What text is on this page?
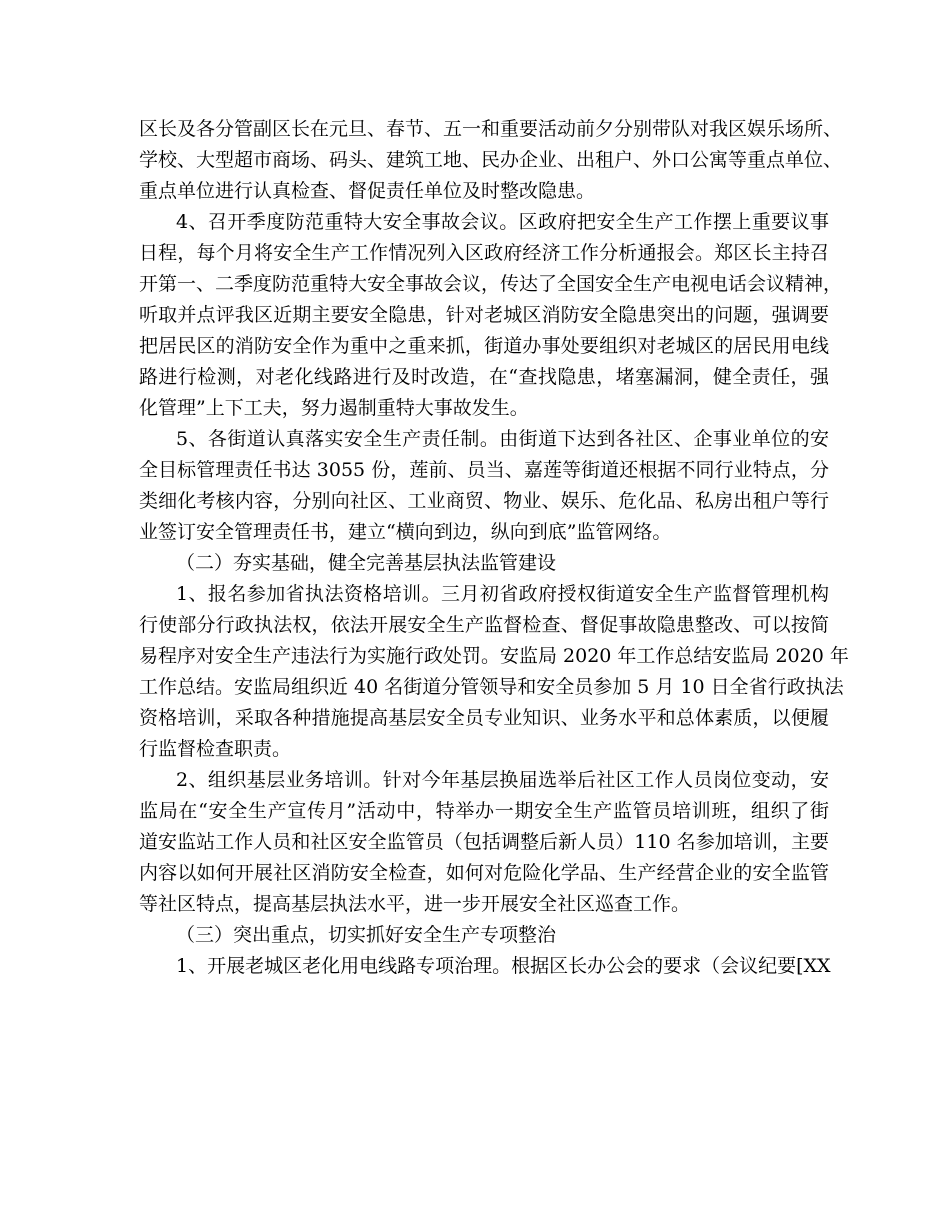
区长及各分管副区长在元旦、春节、五一和重要活动前夕分别带队对我区娱乐场所、
学校、大型超市商场、码头、建筑工地、民办企业、出租户、外口公寓等重点单位、
重点单位进行认真检查、督促责任单位及时整改隐患。
4、召开季度防范重特大安全事故会议。区政府把安全生产工作摆上重要议事
日程，每个月将安全生产工作情况列入区政府经济工作分析通报会。郑区长主持召
开第一、二季度防范重特大安全事故会议，传达了全国安全生产电视电话会议精神，
听取并点评我区近期主要安全隐患，针对老城区消防安全隐患突出的问题，强调要
把居民区的消防安全作为重中之重来抓，街道办事处要组织对老城区的居民用电线
路进行检测，对老化线路进行及时改造，在“查找隐患，堵塞漏洞，健全责任，强
化管理”上下工夫，努力遏制重特大事故发生。
5、各街道认真落实安全生产责任制。由街道下达到各社区、企事业单位的安
全目标管理责任书达 3055 份，莲前、员当、嘉莲等街道还根据不同行业特点，分
类细化考核内容，分别向社区、工业商贸、物业、娱乐、危化品、私房出租户等行
业签订安全管理责任书，建立“横向到边，纵向到底”监管网络。
（二）夯实基础，健全完善基层执法监管建设
1、报名参加省执法资格培训。三月初省政府授权街道安全生产监督管理机构
行使部分行政执法权，依法开展安全生产监督检查、督促事故隐患整改、可以按简
易程序对安全生产违法行为实施行政处罚。安监局 2020 年工作总结安监局 2020 年
工作总结。安监局组织近 40 名街道分管领导和安全员参加 5 月 10 日全省行政执法
资格培训，采取各种措施提高基层安全员专业知识、业务水平和总体素质，以便履
行监督检查职责。
2、组织基层业务培训。针对今年基层换届选举后社区工作人员岗位变动，安
监局在“安全生产宣传月”活动中，特举办一期安全生产监管员培训班，组织了街
道安监站工作人员和社区安全监管员（包括调整后新人员）110 名参加培训，主要
内容以如何开展社区消防安全检查，如何对危险化学品、生产经营企业的安全监管
等社区特点，提高基层执法水平，进一步开展安全社区巡查工作。
（三）突出重点，切实抓好安全生产专项整治
1、开展老城区老化用电线路专项治理。根据区长办公会的要求（会议纪要[XX
